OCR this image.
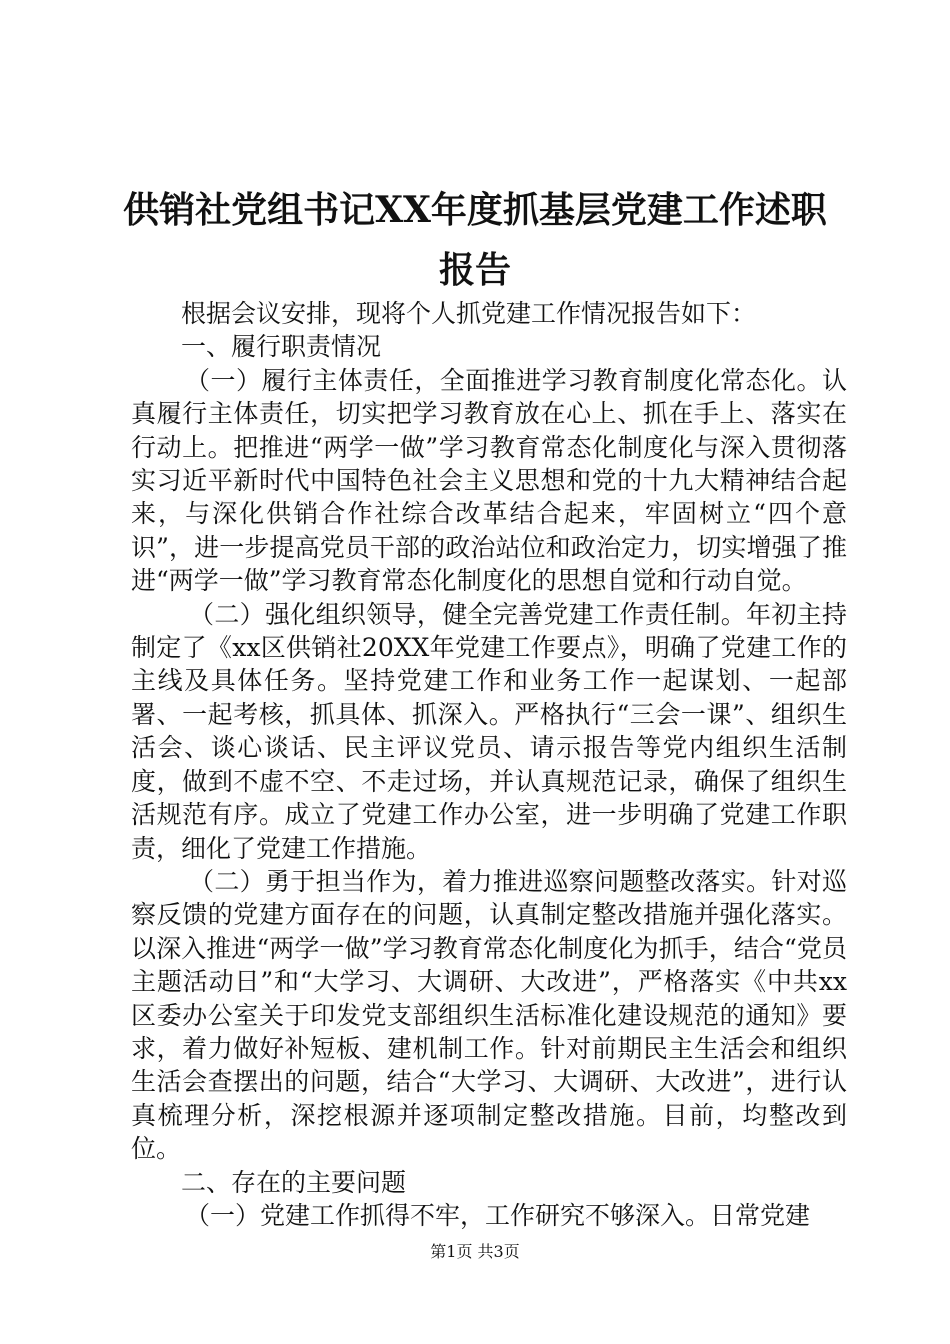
供销社党组书记XX年度抓基层党建工作述职
报告

根据会议安排，现将个人抓党建工作情况报告如下：

一、履行职责情况

（一）履行主体责任，全面推进学习教育制度化常态化。认真履行主体责任，切实把学习教育放在心上、抓在手上、落实在行动上。把推进“两学一做”学习教育常态化制度化与深入贯彻落实习近平新时代中国特色社会主义思想和党的十九大精神结合起来，与深化供销合作社综合改革结合起来，牢固树立“四个意识”，进一步提高党员干部的政治站位和政治定力，切实增强了推进“两学一做”学习教育常态化制度化的思想自觉和行动自觉。

（二）强化组织领导，健全完善党建工作责任制。年初主持制定了《xx区供销社20XX年党建工作要点》，明确了党建工作的主线及具体任务。坚持党建工作和业务工作一起谋划、一起部署、一起考核，抓具体、抓深入。严格执行“三会一课”、组织生活会、谈心谈话、民主评议党员、请示报告等党内组织生活制度，做到不虚不空、不走过场，并认真规范记录，确保了组织生活规范有序。成立了党建工作办公室，进一步明确了党建工作职责，细化了党建工作措施。

（二）勇于担当作为，着力推进巡察问题整改落实。针对巡察反馈的党建方面存在的问题，认真制定整改措施并强化落实。以深入推进“两学一做”学习教育常态化制度化为抓手，结合“党员主题活动日”和“大学习、大调研、大改进”，严格落实《中共xx区委办公室关于印发党支部组织生活标准化建设规范的通知》要求，着力做好补短板、建机制工作。针对前期民主生活会和组织生活会查摆出的问题，结合“大学习、大调研、大改进”，进行认真梳理分析，深挖根源并逐项制定整改措施。目前，均整改到位。

二、存在的主要问题

（一）党建工作抓得不牢，工作研究不够深入。日常党建

第1页 共3页
